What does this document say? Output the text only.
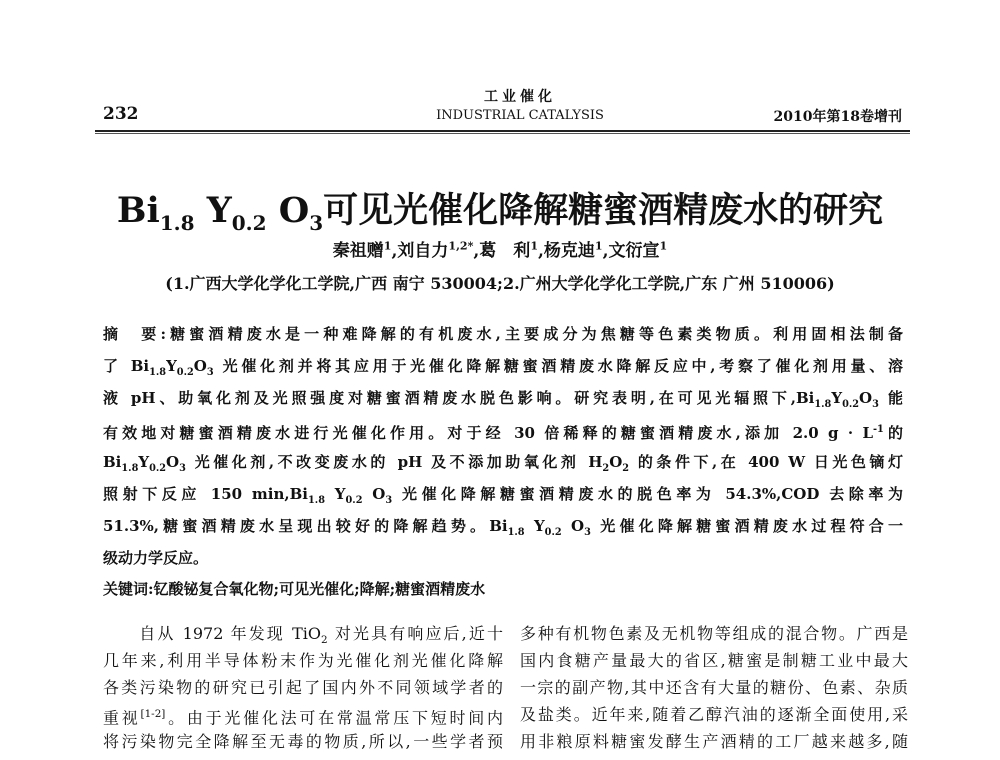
232
工业催化
INDUSTRIAL CATALYSIS	2010年第18卷增刊
$Bi_{1.8}$ $Y_{0.2}$ $O_3$可见光催化降解糖蜜酒精废水的研究
秦祖赠$^1$,刘自力$^{1,2*}$,葛　利$^1$,杨克迪$^1$,文衍宣$^1$
(1.广西大学化学化工学院,广西 南宁 530004;2.广州大学化学化工学院,广东 广州 510006)
摘　要:糖蜜酒精废水是一种难降解的有机废水,主要成分为焦糖等色素类物质。利用固相法制备
了 $Bi_{1.8}Y_{0.2}O_3$ 光催化剂并将其应用于光催化降解糖蜜酒精废水降解反应中,考察了催化剂用量、溶
液 pH、助氧化剂及光照强度对糖蜜酒精废水脱色影响。研究表明,在可见光辐照下$,Bi_{1.8}Y_{0.2}O_3$ 能
有效地对糖蜜酒精废水进行光催化作用。对于经 30 倍稀释的糖蜜酒精废水,添加 2.0 $g \cdot L^{-1}$的
$Bi_{1.8}Y_{0.2}O_3$ 光催化剂,不改变废水的 pH 及不添加助氧化剂 $H_2O_2$ 的条件下,在 400 W 日光色镝灯
照射下反应 150 $\min,Bi_{1.8}$ $Y_{0.2}$ $O_3$ 光催化降解糖蜜酒精废水的脱色率为 54.3%,COD 去除率为
51.3%,糖蜜酒精废水呈现出较好的降解趋势。$Bi_{1.8}$ $Y_{0.2}$ $O_3$ 光催化降解糖蜜酒精废水过程符合一
级动力学反应。
关键词:钇酸铋复合氧化物;可见光催化;降解;糖蜜酒精废水
　　自从 1972 年发现 TiO$_2$ 对光具有响应后,近十
几年来,利用半导体粉末作为光催化剂光催化降解
各类污染物的研究已引起了国内外不同领域学者的
重视[1-2]。由于光催化法可在常温常压下短时间内
将污染物完全降解至无毒的物质,所以,一些学者预
多种有机物色素及无机物等组成的混合物。广西是
国内食糖产量最大的省区,糖蜜是制糖工业中最大
一宗的副产物,其中还含有大量的糖份、色素、杂质
及盐类。近年来,随着乙醇汽油的逐渐全面使用,采
用非粮原料糖蜜发酵生产酒精的工厂越来越多,随
